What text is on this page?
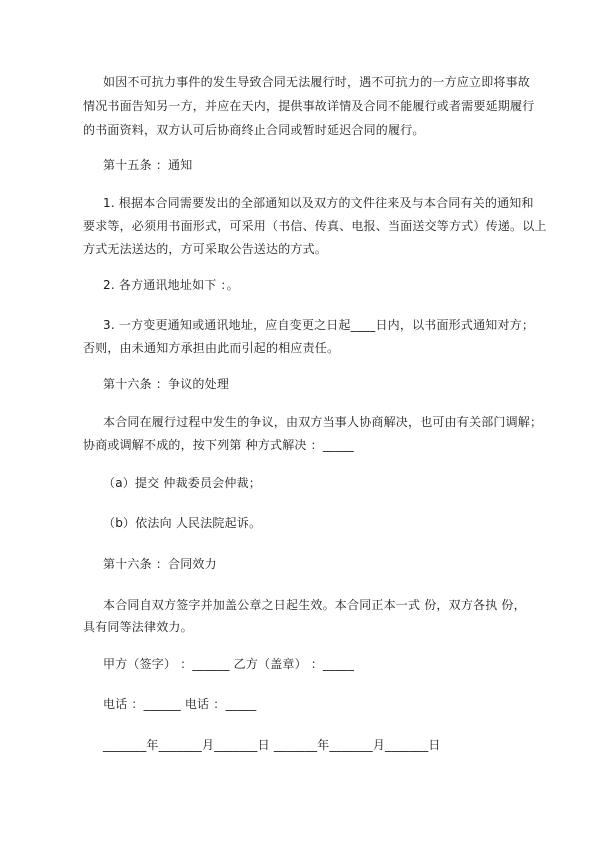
如因不可抗力事件的发生导致合同无法履行时，遇不可抗力的一方应立即将事故
情况书面告知另一方，并应在天内，提供事故详情及合同不能履行或者需要延期履行
的书面资料，双方认可后协商终止合同或暂时延迟合同的履行。
第十五条 ：通知
1. 根据本合同需要发出的全部通知以及双方的文件往来及与本合同有关的通知和
要求等，必须用书面形式，可采用（书信、传真、电报、当面送交等方式）传递。以上
方式无法送达的，方可采取公告送达的方式。
2. 各方通讯地址如下 ：。
3. 一方变更通知或通讯地址，应自变更之日起____日内，以书面形式通知对方；
否则，由未通知方承担由此而引起的相应责任。
第十六条 ：争议的处理
本合同在履行过程中发生的争议，由双方当事人协商解决，也可由有关部门调解；
协商或调解不成的，按下列第 种方式解决 ：_____
（a）提交 仲裁委员会仲裁；
（b）依法向 人民法院起诉。
第十六条 ：合同效力
本合同自双方签字并加盖公章之日起生效。本合同正本一式 份，双方各执 份，
具有同等法律效力。
甲方（签字） ：______ 乙方（盖章） ：_____
电话 ：______ 电话 ：_____
_______年_______月_______日 _______年_______月_______日
